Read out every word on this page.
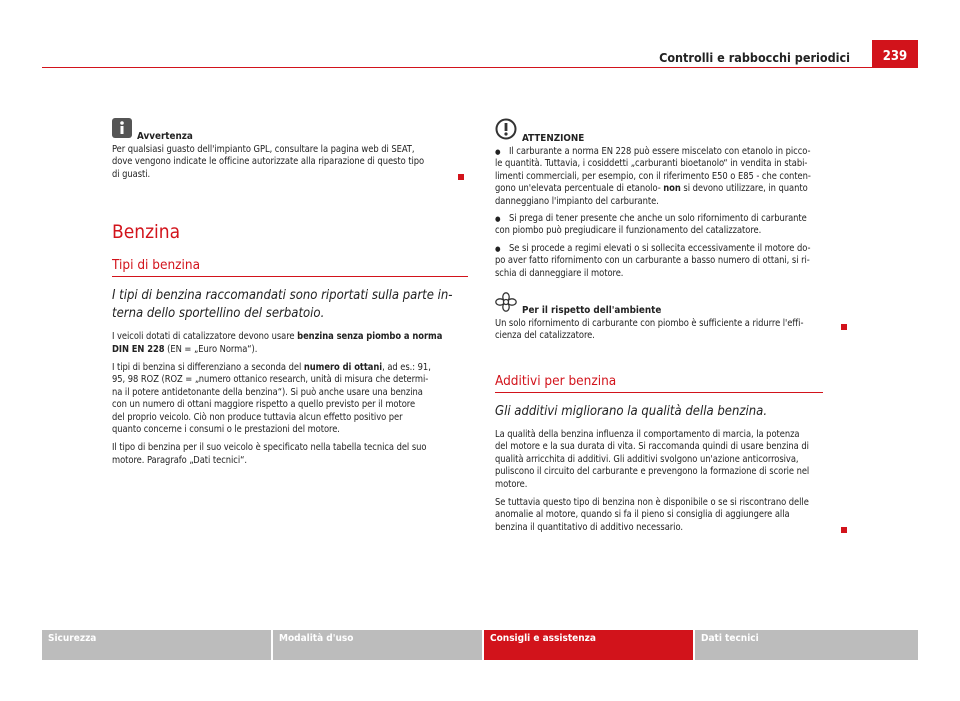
Controlli e rabbocchi periodici	239

Avvertenza

Per qualsiasi guasto dell'impianto GPL, consultare la pagina web di SEAT,

dove vengono indicate le officine autorizzate alla riparazione di questo tipo

di guasti.

Benzina

Tipi di benzina

I tipi di benzina raccomandati sono riportati sulla parte in-

terna dello sportellino del serbatoio.

I veicoli dotati di catalizzatore devono usare benzina senza piombo a norma

DIN EN 228 (EN = „Euro Norma“).

I tipi di benzina si differenziano a seconda del numero di ottani, ad es.: 91,

95, 98 ROZ (ROZ = „numero ottanico research, unità di misura che determi-

na il potere antidetonante della benzina“). Si può anche usare una benzina

con un numero di ottani maggiore rispetto a quello previsto per il motore

del proprio veicolo. Ciò non produce tuttavia alcun effetto positivo per

quanto concerne i consumi o le prestazioni del motore.

Il tipo di benzina per il suo veicolo è specificato nella tabella tecnica del suo

motore. Paragrafo „Dati tecnici“.

ATTENZIONE

● Il carburante a norma EN 228 può essere miscelato con etanolo in picco-

le quantità. Tuttavia, i cosiddetti „carburanti bioetanolo“ in vendita in stabi-

limenti commerciali, per esempio, con il riferimento E50 o E85 - che conten-

gono un'elevata percentuale di etanolo- non si devono utilizzare, in quanto

danneggiano l'impianto del carburante.

● Si prega di tener presente che anche un solo rifornimento di carburante

con piombo può pregiudicare il funzionamento del catalizzatore.

● Se si procede a regimi elevati o si sollecita eccessivamente il motore do-

po aver fatto rifornimento con un carburante a basso numero di ottani, si ri-

schia di danneggiare il motore.

Per il rispetto dell'ambiente

Un solo rifornimento di carburante con piombo è sufficiente a ridurre l'effi-

cienza del catalizzatore.

Additivi per benzina

Gli additivi migliorano la qualità della benzina.

La qualità della benzina influenza il comportamento di marcia, la potenza

del motore e la sua durata di vita. Si raccomanda quindi di usare benzina di

qualità arricchita di additivi. Gli additivi svolgono un'azione anticorrosiva,

puliscono il circuito del carburante e prevengono la formazione di scorie nel

motore.

Se tuttavia questo tipo di benzina non è disponibile o se si riscontrano delle

anomalie al motore, quando si fa il pieno si consiglia di aggiungere alla

benzina il quantitativo di additivo necessario.

Sicurezza	Modalità d'uso	Consigli e assistenza	Dati tecnici
